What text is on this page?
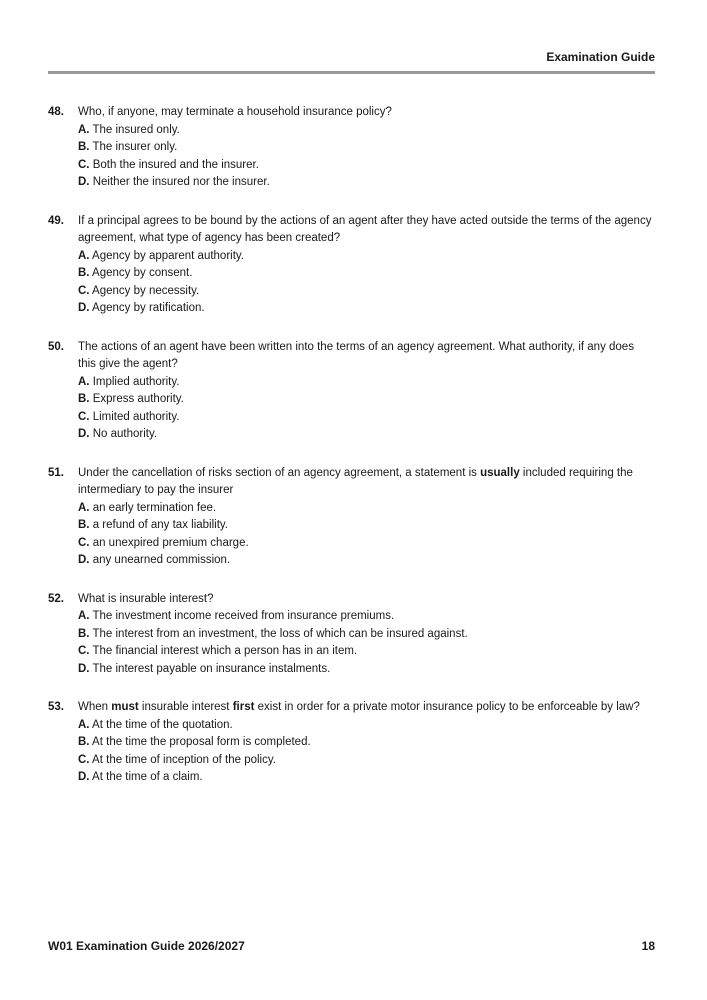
Examination Guide
48.	Who, if anyone, may terminate a household insurance policy?
A. The insured only.
B. The insurer only.
C. Both the insured and the insurer.
D. Neither the insured nor the insurer.
49.	If a principal agrees to be bound by the actions of an agent after they have acted outside the terms of the agency agreement, what type of agency has been created?
A. Agency by apparent authority.
B. Agency by consent.
C. Agency by necessity.
D. Agency by ratification.
50.	The actions of an agent have been written into the terms of an agency agreement. What authority, if any does this give the agent?
A. Implied authority.
B. Express authority.
C. Limited authority.
D. No authority.
51.	Under the cancellation of risks section of an agency agreement, a statement is usually included requiring the intermediary to pay the insurer
A. an early termination fee.
B. a refund of any tax liability.
C. an unexpired premium charge.
D. any unearned commission.
52.	What is insurable interest?
A. The investment income received from insurance premiums.
B. The interest from an investment, the loss of which can be insured against.
C. The financial interest which a person has in an item.
D. The interest payable on insurance instalments.
53.	When must insurable interest first exist in order for a private motor insurance policy to be enforceable by law?
A. At the time of the quotation.
B. At the time the proposal form is completed.
C. At the time of inception of the policy.
D. At the time of a claim.
W01 Examination Guide 2026/2027	18
